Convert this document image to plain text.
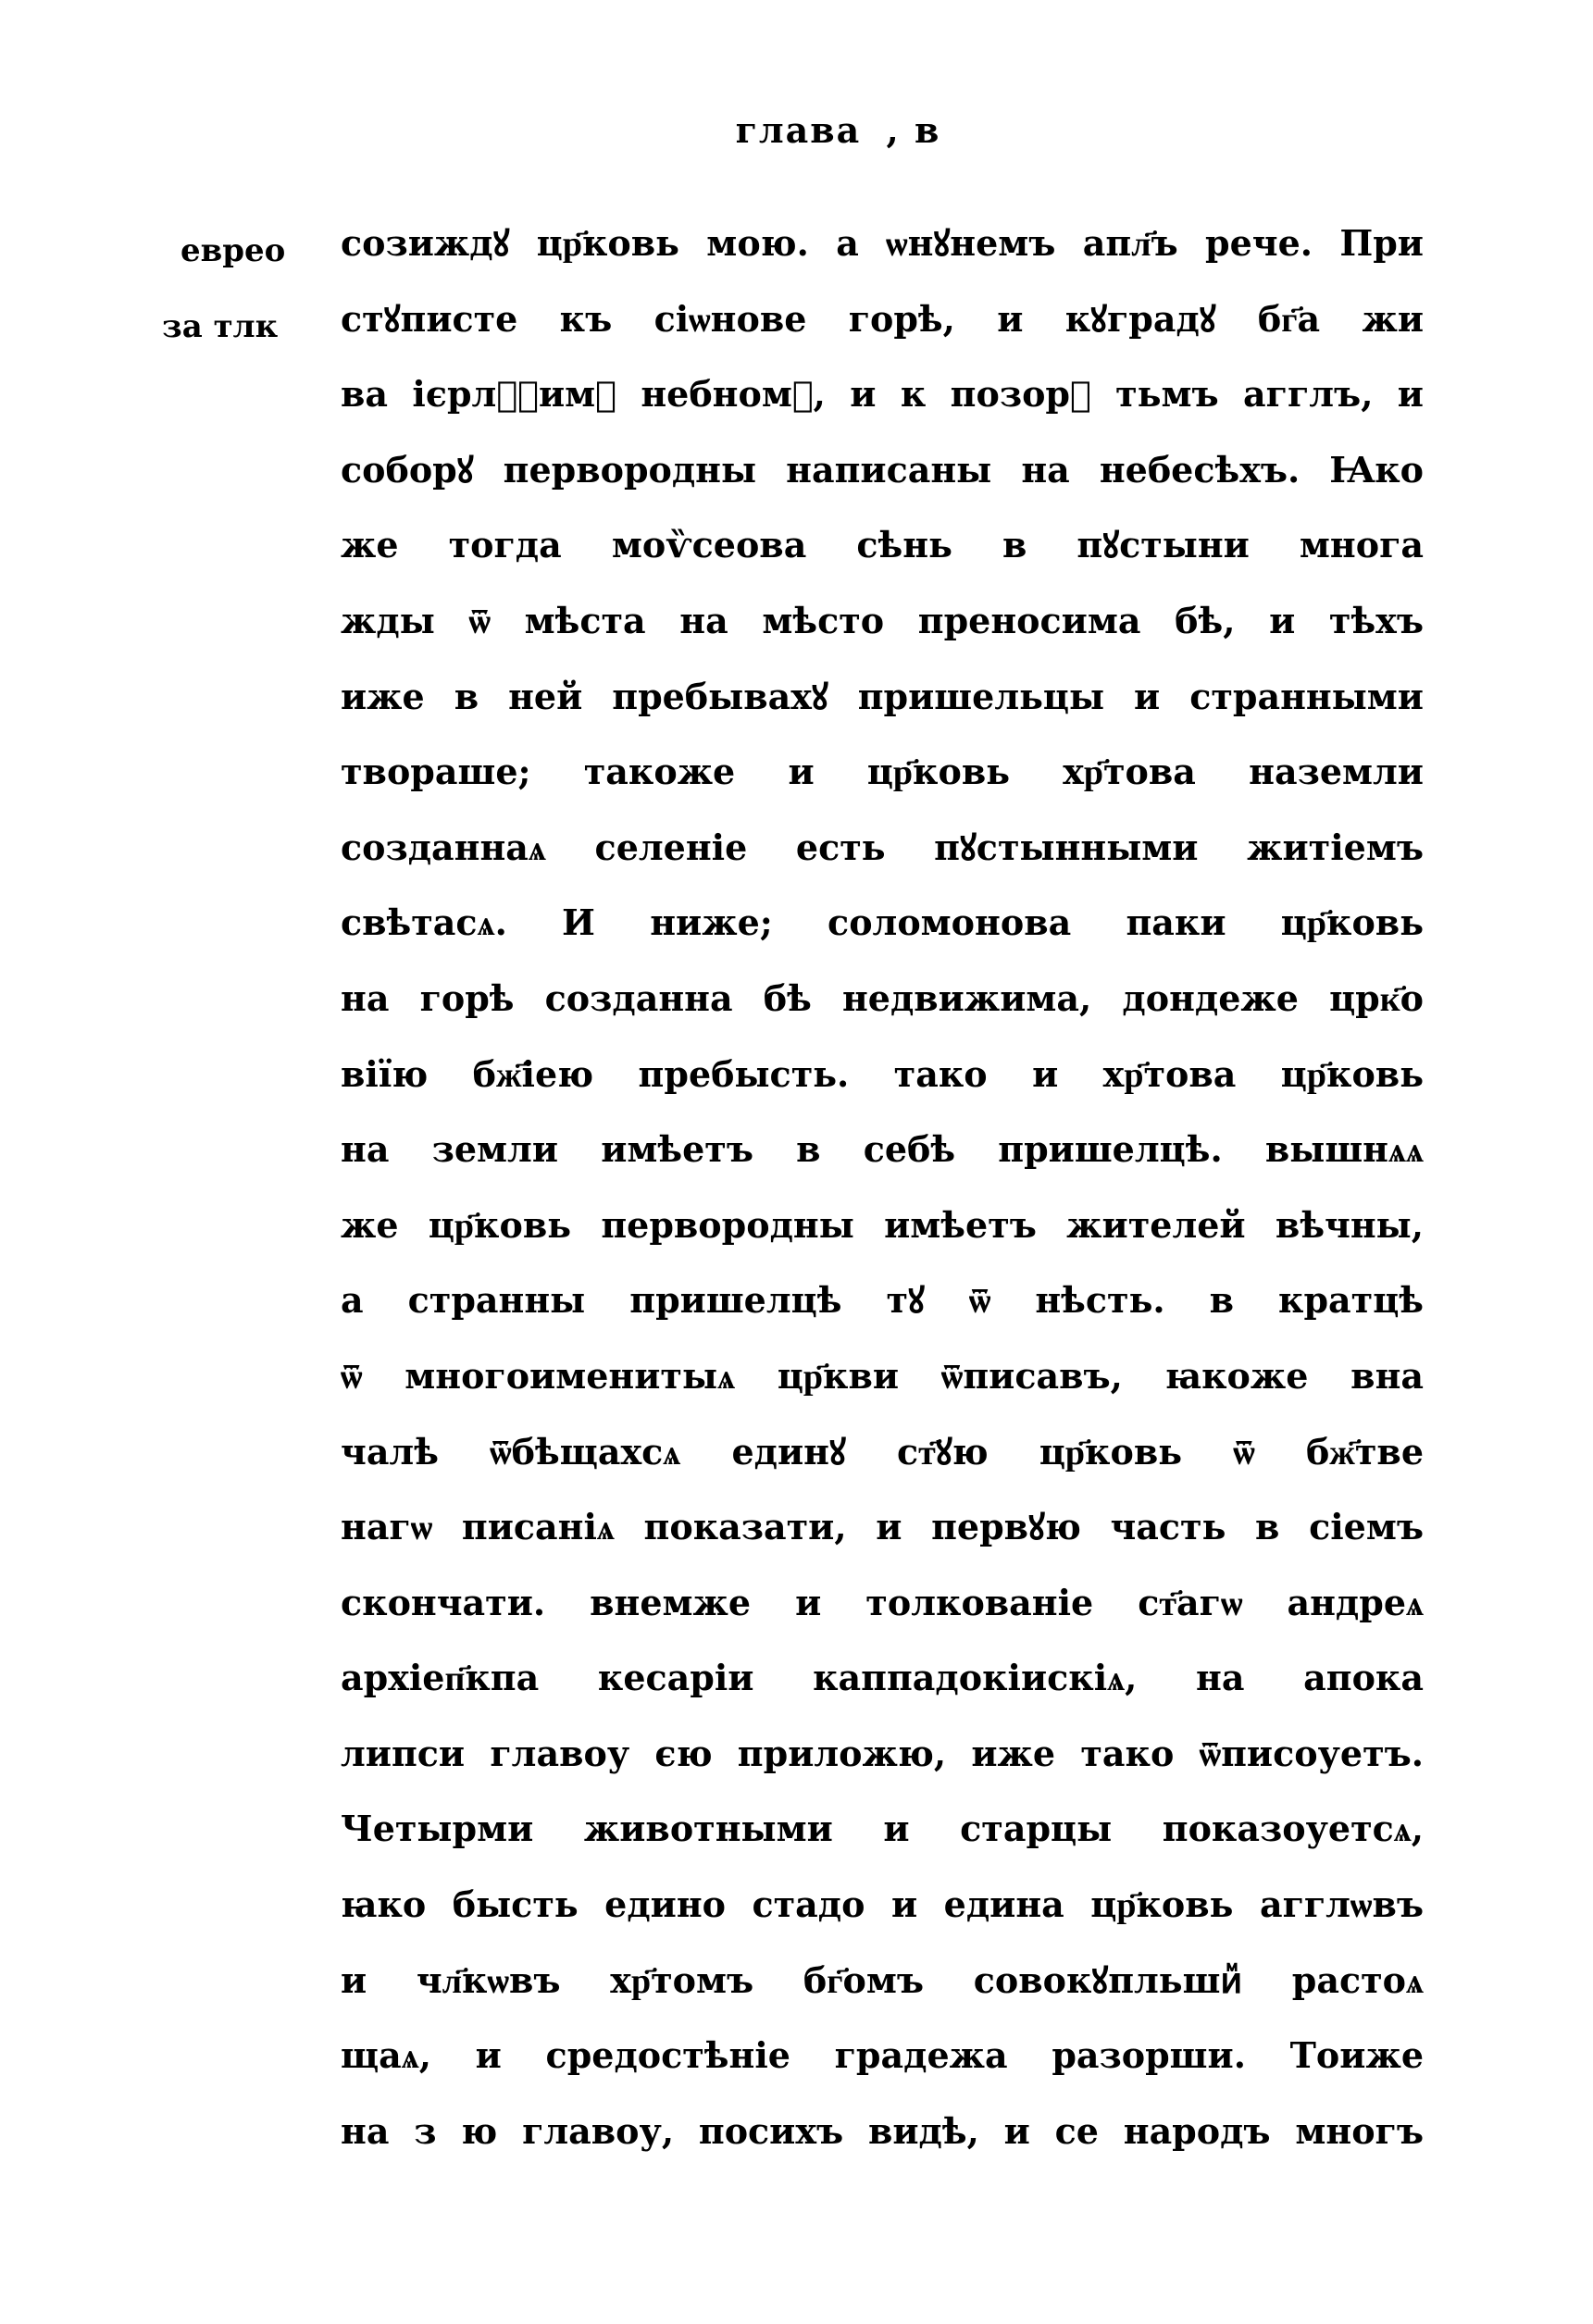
глава , в
еврео
за тлк
созиждꙋ цр҃ковь мою. а ѡнꙋнемъ апл҃ъ рече. При
стꙋписте къ сіѡнове горѣ, и кꙋградꙋ бг҃а жи
ва ієрлⷭ҇имꙋ небномꙋ, и к позорꙋ тьмъ агглъ, и
соборꙋ первородны написаны на небесѣхъ. Ꙗко
же тогда моѷсеова сѣнь в пꙋстыни многа
жды ѿ мѣста на мѣсто преносима бѣ, и тѣхъ
иже в ней пребывахꙋ пришельцы и странными
твораше; такоже и цр҃ковь хр҃това наземли
созданнаѧ селеніе есть пꙋстынными житіемъ
свѣтасѧ. И ниже; соломонова паки цр҃ковь
на горѣ созданна бѣ недвижима, дондеже црк҃о
віїю бж҃іею пребысть. тако и хр҃това цр҃ковь
на земли имѣетъ в себѣ пришелцѣ. вышнѧѧ
же цр҃ковь первородны имѣетъ жителей вѣчны,
а странны пришелцѣ тꙋ ѿ нѣсть. в кратцѣ
ѿ многоименитыѧ цр҃кви ѿписавъ, ꙗкоже вна
чалѣ ѿбѣщахсѧ единꙋ ст҃ꙋю цр҃ковь ѿ бж҃тве
нагѡ писаніѧ показати, и первꙋю часть в сіемъ
скончати. внемже и толкованіе ст҃агѡ андреѧ
архіеп҃кпа кесаріи каппадокіискіѧ, на апока
липси главоу єю приложю, иже тако ѿписоуетъ.
Четырми животными и старцы показоуетсѧ,
ꙗко бысть едино стадо и едина цр҃ковь агглѡвъ
и чл҃кѡвъ хр҃томъ бг҃омъ совокꙋпльшиⷨ растоѧ
щаѧ, и средостѣніе градежа разорши. Тоиже
на з ю главоу, посихъ видѣ, и се народъ многъ
